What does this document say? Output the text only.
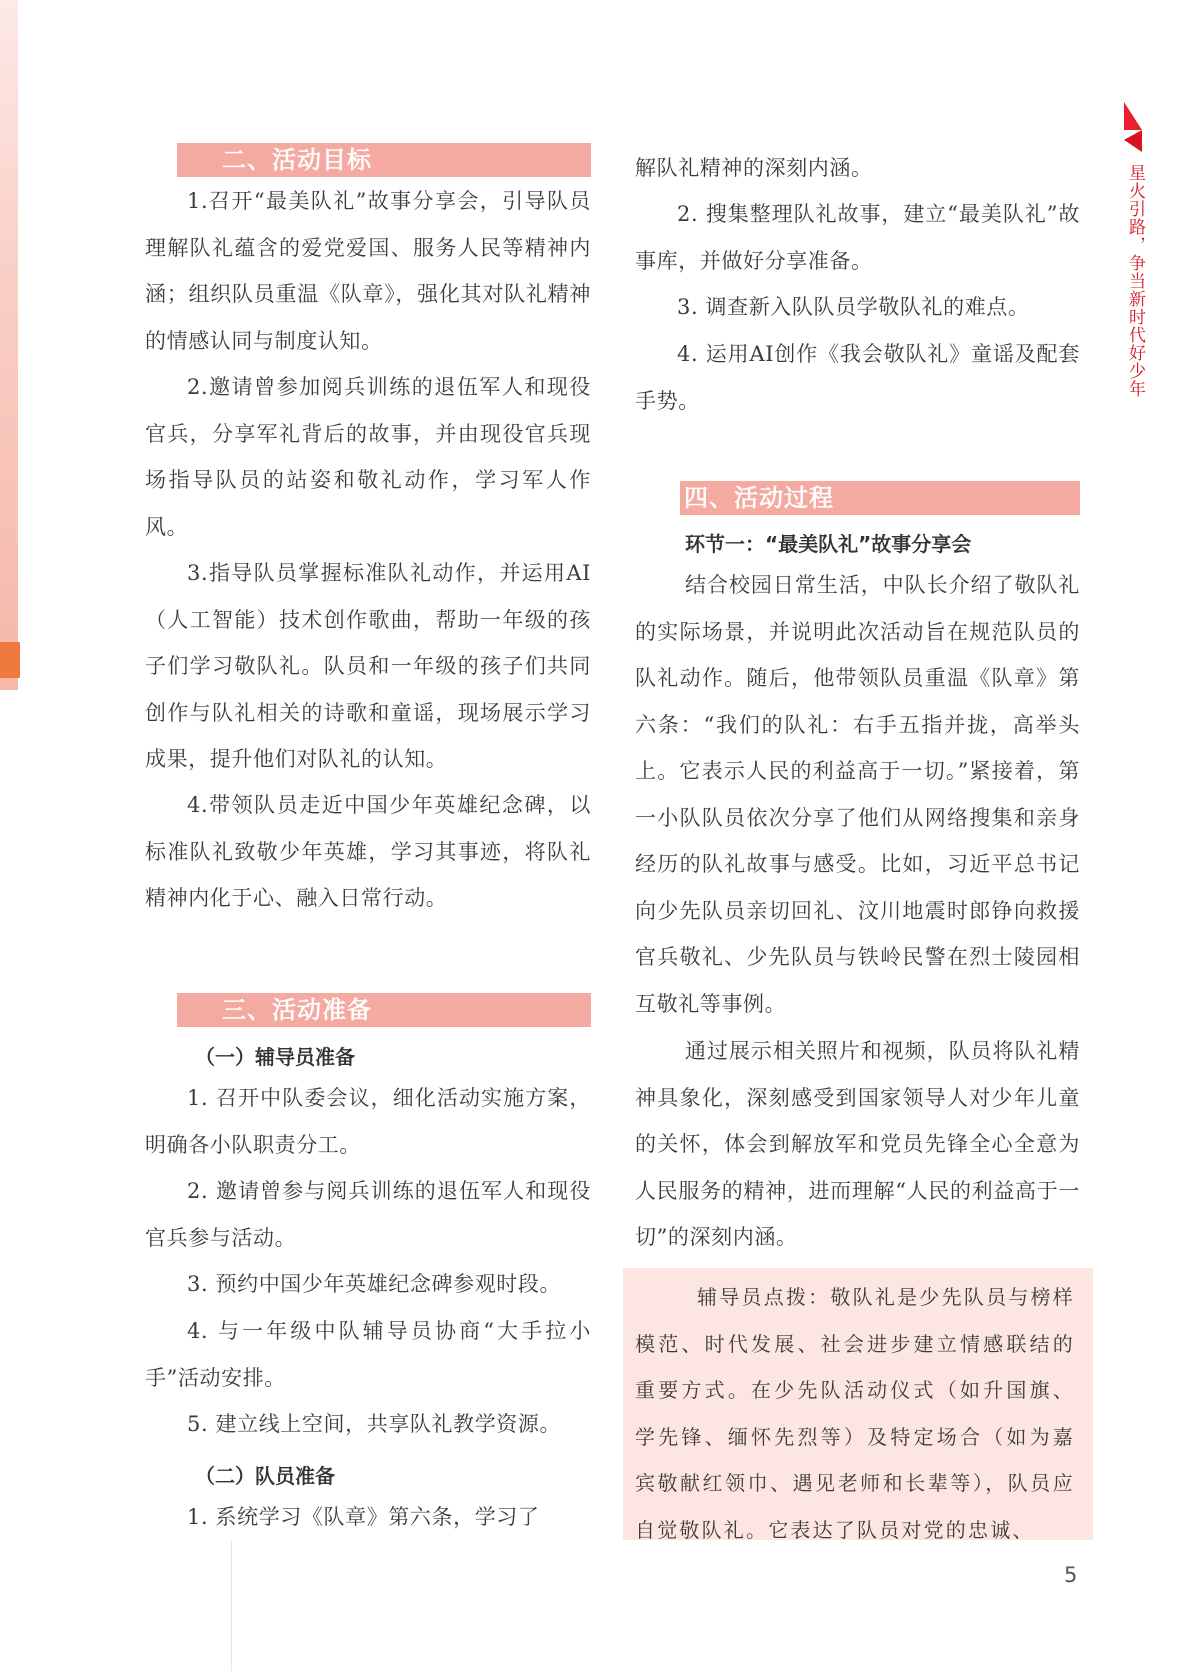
星火引路，争当新时代好少年
二、活动目标

1.召开“最美队礼”故事分享会，引导队员理解队礼蕴含的爱党爱国、服务人民等精神内涵；组织队员重温《队章》，强化其对队礼精神的情感认同与制度认知。

2.邀请曾参加阅兵训练的退伍军人和现役官兵，分享军礼背后的故事，并由现役官兵现场指导队员的站姿和敬礼动作，学习军人作风。

3.指导队员掌握标准队礼动作，并运用AI（人工智能）技术创作歌曲，帮助一年级的孩子们学习敬队礼。队员和一年级的孩子们共同创作与队礼相关的诗歌和童谣，现场展示学习成果，提升他们对队礼的认知。

4.带领队员走近中国少年英雄纪念碑，以标准队礼致敬少年英雄，学习其事迹，将队礼精神内化于心、融入日常行动。

三、活动准备

（一）辅导员准备

1. 召开中队委会议，细化活动实施方案，明确各小队职责分工。

2. 邀请曾参与阅兵训练的退伍军人和现役官兵参与活动。

3. 预约中国少年英雄纪念碑参观时段。

4. 与一年级中队辅导员协商“大手拉小手”活动安排。

5. 建立线上空间，共享队礼教学资源。

（二）队员准备

1. 系统学习《队章》第六条，学习了

解队礼精神的深刻内涵。

2. 搜集整理队礼故事，建立“最美队礼”故事库，并做好分享准备。

3. 调查新入队队员学敬队礼的难点。

4. 运用AI创作《我会敬队礼》童谣及配套手势。

四、活动过程

环节一：“最美队礼”故事分享会

结合校园日常生活，中队长介绍了敬队礼的实际场景，并说明此次活动旨在规范队员的队礼动作。随后，他带领队员重温《队章》第六条：“我们的队礼：右手五指并拢，高举头上。它表示人民的利益高于一切。”紧接着，第一小队队员依次分享了他们从网络搜集和亲身经历的队礼故事与感受。比如，习近平总书记向少先队员亲切回礼、汶川地震时郎铮向救援官兵敬礼、少先队员与铁岭民警在烈士陵园相互敬礼等事例。

通过展示相关照片和视频，队员将队礼精神具象化，深刻感受到国家领导人对少年儿童的关怀，体会到解放军和党员先锋全心全意为人民服务的精神，进而理解“人民的利益高于一切”的深刻内涵。

辅导员点拨：敬队礼是少先队员与榜样模范、时代发展、社会进步建立情感联结的重要方式。在少先队活动仪式（如升国旗、学先锋、缅怀先烈等）及特定场合（如为嘉宾敬献红领巾、遇见老师和长辈等），队员应自觉敬队礼。它表达了队员对党的忠诚、

5
